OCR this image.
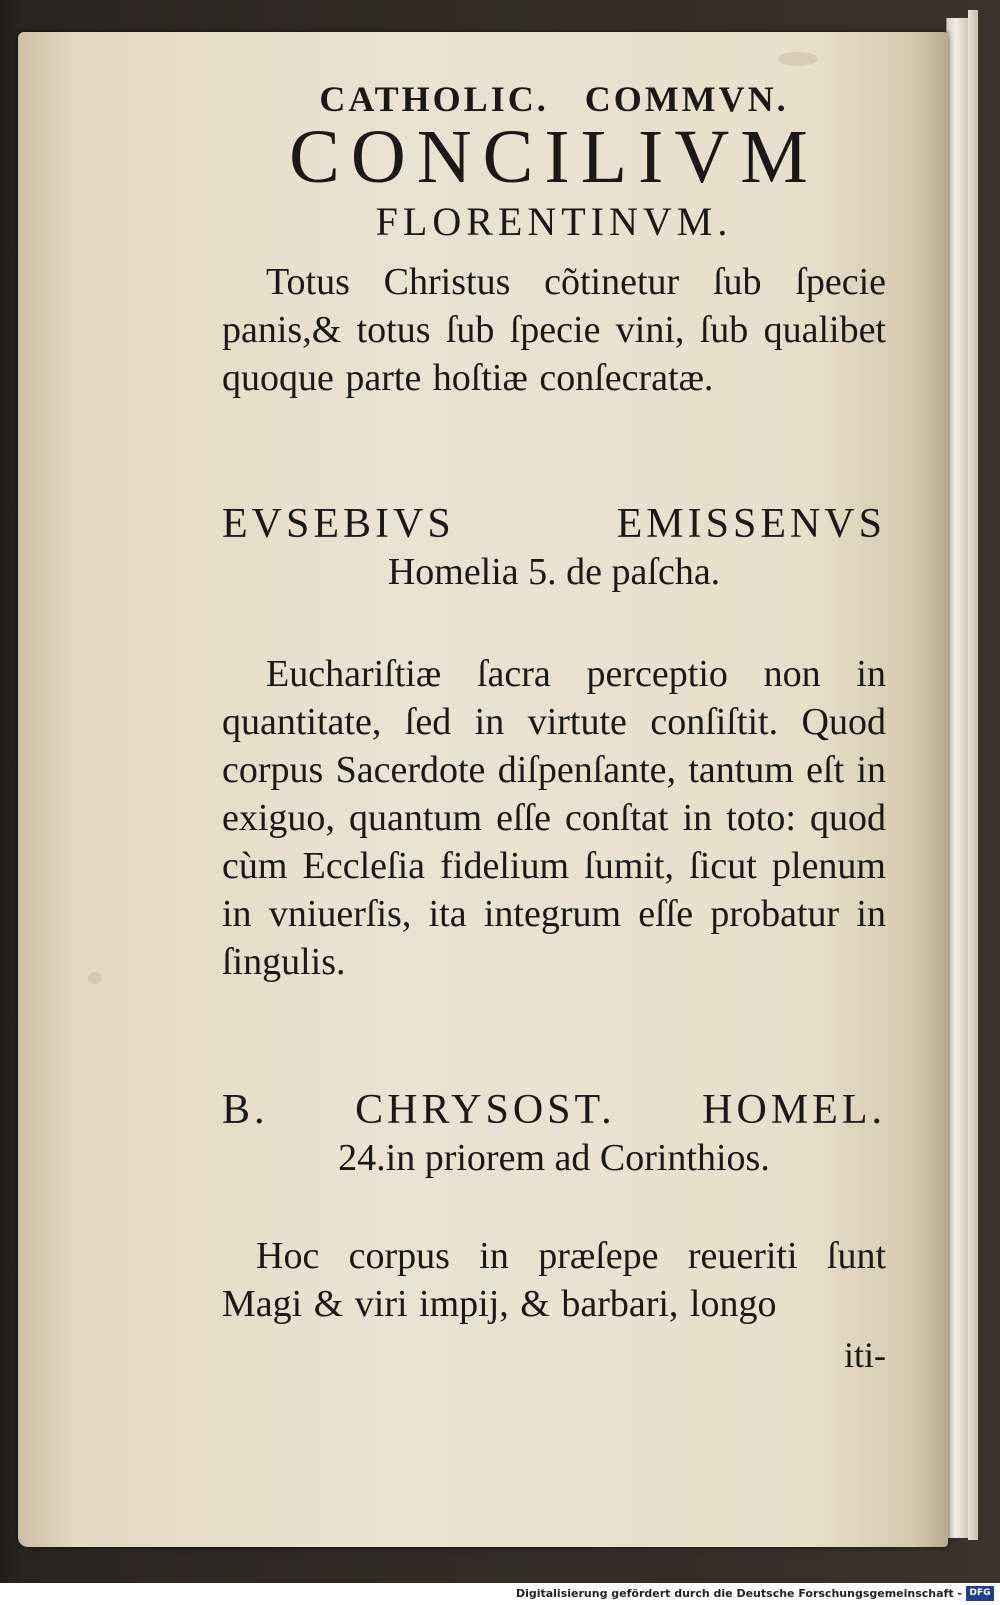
CATHOLIC. COMMVN.
CONCILIVM
FLORENTINVM.
Totus Christus cõtinetur ſub ſpecie panis,& totus ſub ſpecie vini, ſub qualibet quoque parte hoſtiæ conſecratæ.
EVSEBIVS EMISSENVS
Homelia 5. de paſcha.
Euchariſtiæ ſacra perceptio non in quantitate, ſed in virtute conſiſtit. Quod corpus Sacerdote diſpenſante, tantum eſt in exiguo, quantum eſſe conſtat in toto: quod cùm Eccleſia fidelium ſumit, ſicut plenum in vniuerſis, ita integrum eſſe probatur in ſingulis.
B. CHRYSOST. HOMEL.
24.in priorem ad Corinthios.
Hoc corpus in præſepe reueriti ſunt Magi & viri impij, & barbari, longo
iti-
Digitalisierung gefördert durch die Deutsche Forschungsgemeinschaft - DFG
